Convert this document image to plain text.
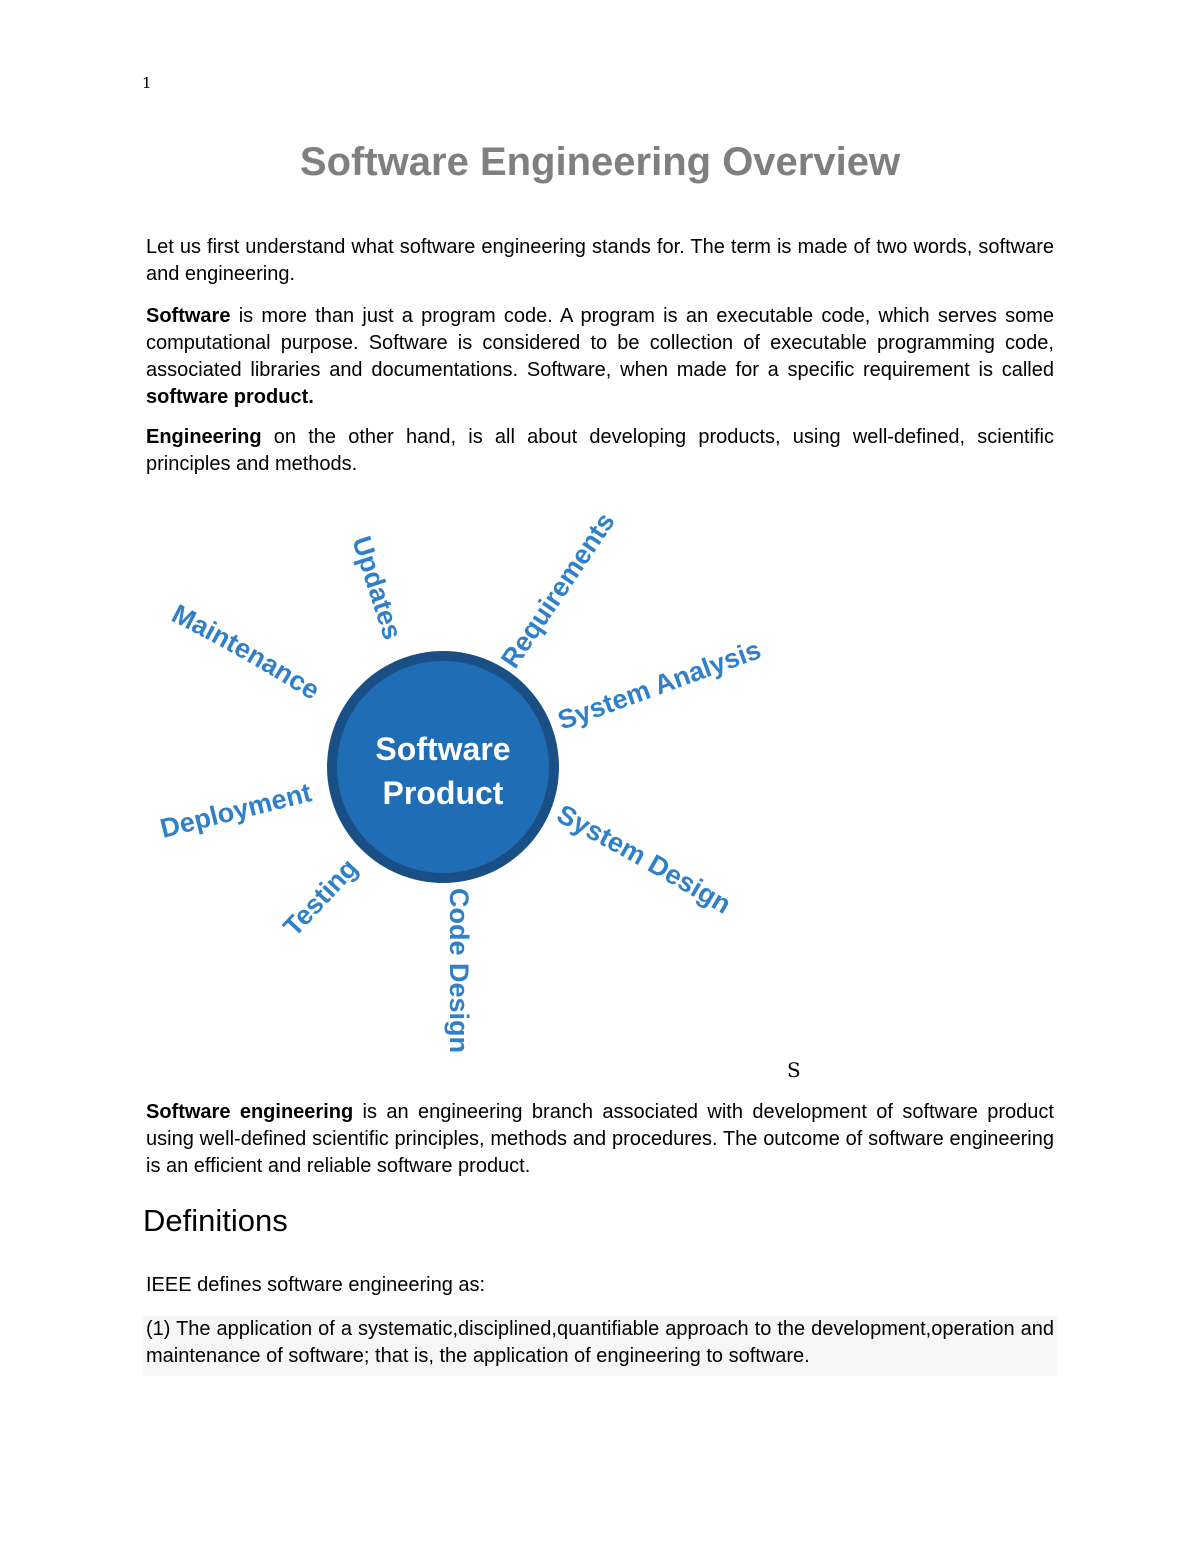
1
Software Engineering Overview

Let us first understand what software engineering stands for. The term is made of two words, software and engineering.

Software is more than just a program code. A program is an executable code, which serves some computational purpose. Software is considered to be collection of executable programming code, associated libraries and documentations. Software, when made for a specific requirement is called software product.

Engineering on the other hand, is all about developing products, using well-defined, scientific principles and methods.

Software
Product
Updates	Requirements
System Analysis
System Design
Code Design
Testing
Deployment
Maintenance
S

Software engineering is an engineering branch associated with development of software product using well-defined scientific principles, methods and procedures. The outcome of software engineering is an efficient and reliable software product.

Definitions

IEEE defines software engineering as:

(1) The application of a systematic,disciplined,quantifiable approach to the development,operation and maintenance of software; that is, the application of engineering to software.
